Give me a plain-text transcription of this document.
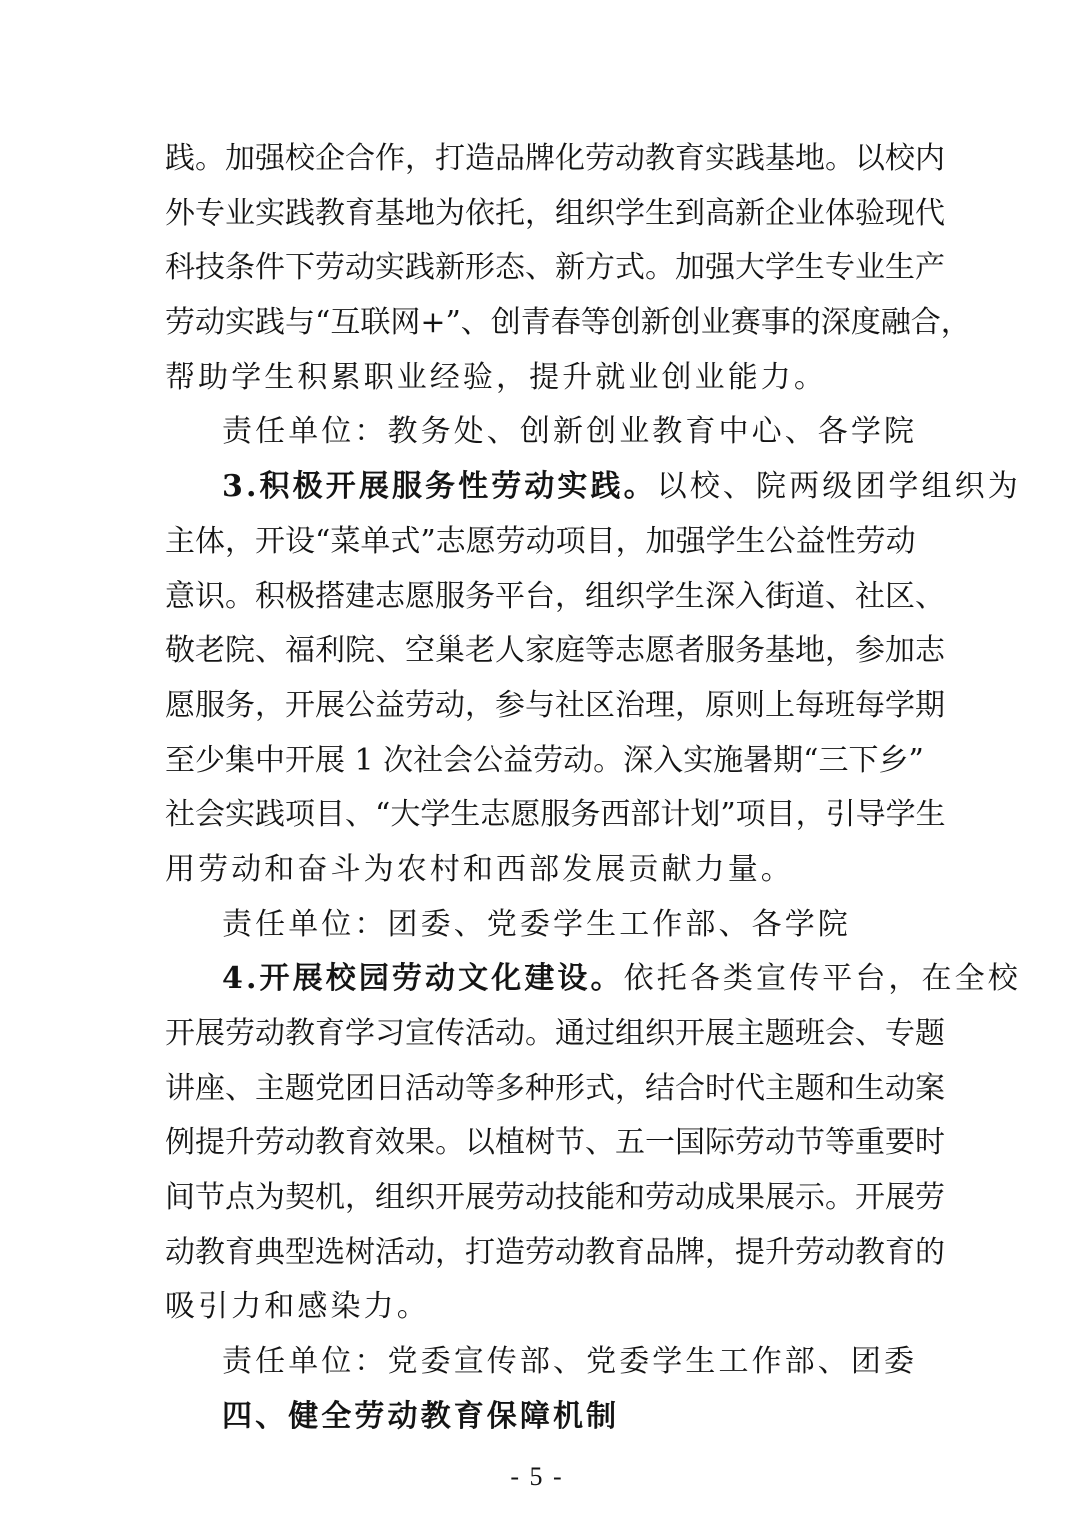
践。加强校企合作，打造品牌化劳动教育实践基地。以校内

外专业实践教育基地为依托，组织学生到高新企业体验现代

科技条件下劳动实践新形态、新方式。加强大学生专业生产

劳动实践与“互联网+”、创青春等创新创业赛事的深度融合，

帮助学生积累职业经验，提升就业创业能力。

责任单位：教务处、创新创业教育中心、各学院

3.积极开展服务性劳动实践。以校、院两级团学组织为

主体，开设“菜单式”志愿劳动项目，加强学生公益性劳动

意识。积极搭建志愿服务平台，组织学生深入街道、社区、

敬老院、福利院、空巢老人家庭等志愿者服务基地，参加志

愿服务，开展公益劳动，参与社区治理，原则上每班每学期

至少集中开展 1 次社会公益劳动。深入实施暑期“三下乡”

社会实践项目、“大学生志愿服务西部计划”项目，引导学生

用劳动和奋斗为农村和西部发展贡献力量。

责任单位：团委、党委学生工作部、各学院

4.开展校园劳动文化建设。依托各类宣传平台，在全校

开展劳动教育学习宣传活动。通过组织开展主题班会、专题

讲座、主题党团日活动等多种形式，结合时代主题和生动案

例提升劳动教育效果。以植树节、五一国际劳动节等重要时

间节点为契机，组织开展劳动技能和劳动成果展示。开展劳

动教育典型选树活动，打造劳动教育品牌，提升劳动教育的

吸引力和感染力。

责任单位：党委宣传部、党委学生工作部、团委

四、健全劳动教育保障机制

- 5 -
